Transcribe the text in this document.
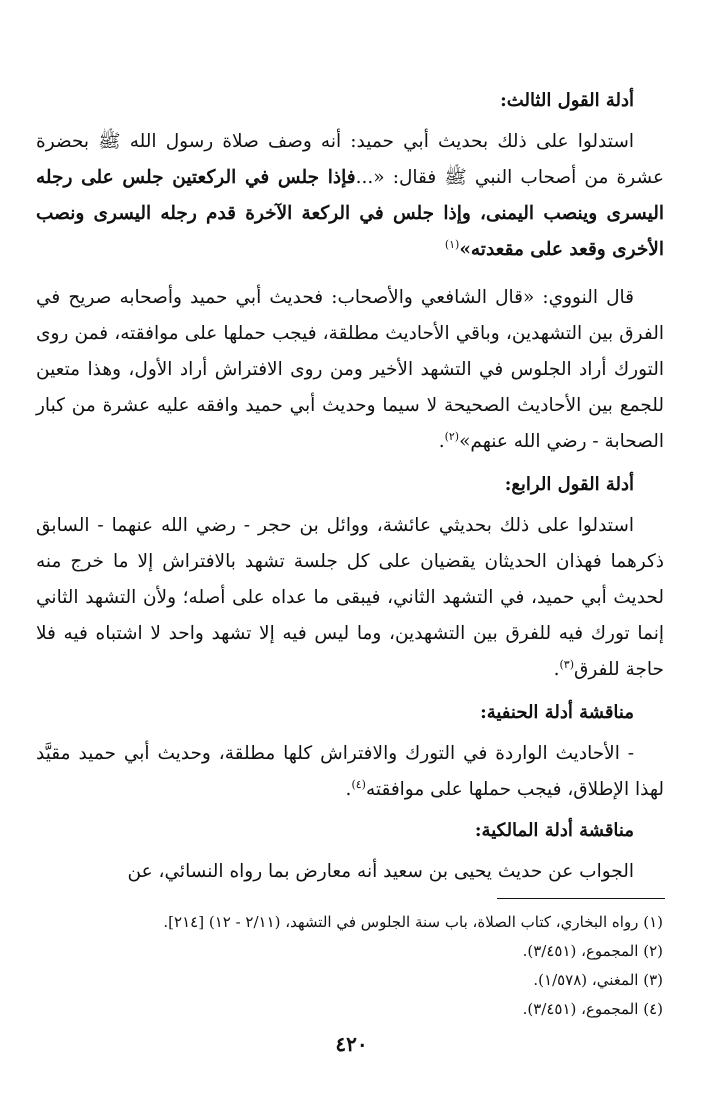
أدلة القول الثالث:
استدلوا على ذلك بحديث أبي حميد: أنه وصف صلاة رسول الله ﷺ بحضرة عشرة من أصحاب النبي ﷺ فقال: «...فإذا جلس في الركعتين جلس على رجله اليسرى وينصب اليمنى، وإذا جلس في الركعة الآخرة قدم رجله اليسرى ونصب الأخرى وقعد على مقعدته»$^{(١)}$
قال النووي: «قال الشافعي والأصحاب: فحديث أبي حميد وأصحابه صريح في الفرق بين التشهدين، وباقي الأحاديث مطلقة، فيجب حملها على موافقته، فمن روى التورك أراد الجلوس في التشهد الأخير ومن روى الافتراش أراد الأول، وهذا متعين للجمع بين الأحاديث الصحيحة لا سيما وحديث أبي حميد وافقه عليه عشرة من كبار الصحابة - رضي الله عنهم»$^{(٢)}$.
أدلة القول الرابع:
استدلوا على ذلك بحديثي عائشة، ووائل بن حجر - رضي الله عنهما - السابق ذكرهما فهذان الحديثان يقضيان على كل جلسة تشهد بالافتراش إلا ما خرج منه لحديث أبي حميد، في التشهد الثاني، فيبقى ما عداه على أصله؛ ولأن التشهد الثاني إنما تورك فيه للفرق بين التشهدين، وما ليس فيه إلا تشهد واحد لا اشتباه فيه فلا حاجة للفرق$^{(٣)}$.
مناقشة أدلة الحنفية:
- الأحاديث الواردة في التورك والافتراش كلها مطلقة، وحديث أبي حميد مقيَّد لهذا الإطلاق، فيجب حملها على موافقته$^{(٤)}$.
مناقشة أدلة المالكية:
الجواب عن حديث يحيى بن سعيد أنه معارض بما رواه النسائي، عن
(١) رواه البخاري، كتاب الصلاة، باب سنة الجلوس في التشهد، (٢/١١ - ١٢) [٢١٤].
(٢) المجموع، (٣/٤٥١).
(٣) المغني، (١/٥٧٨).
(٤) المجموع، (٣/٤٥١).
٤٢٠
